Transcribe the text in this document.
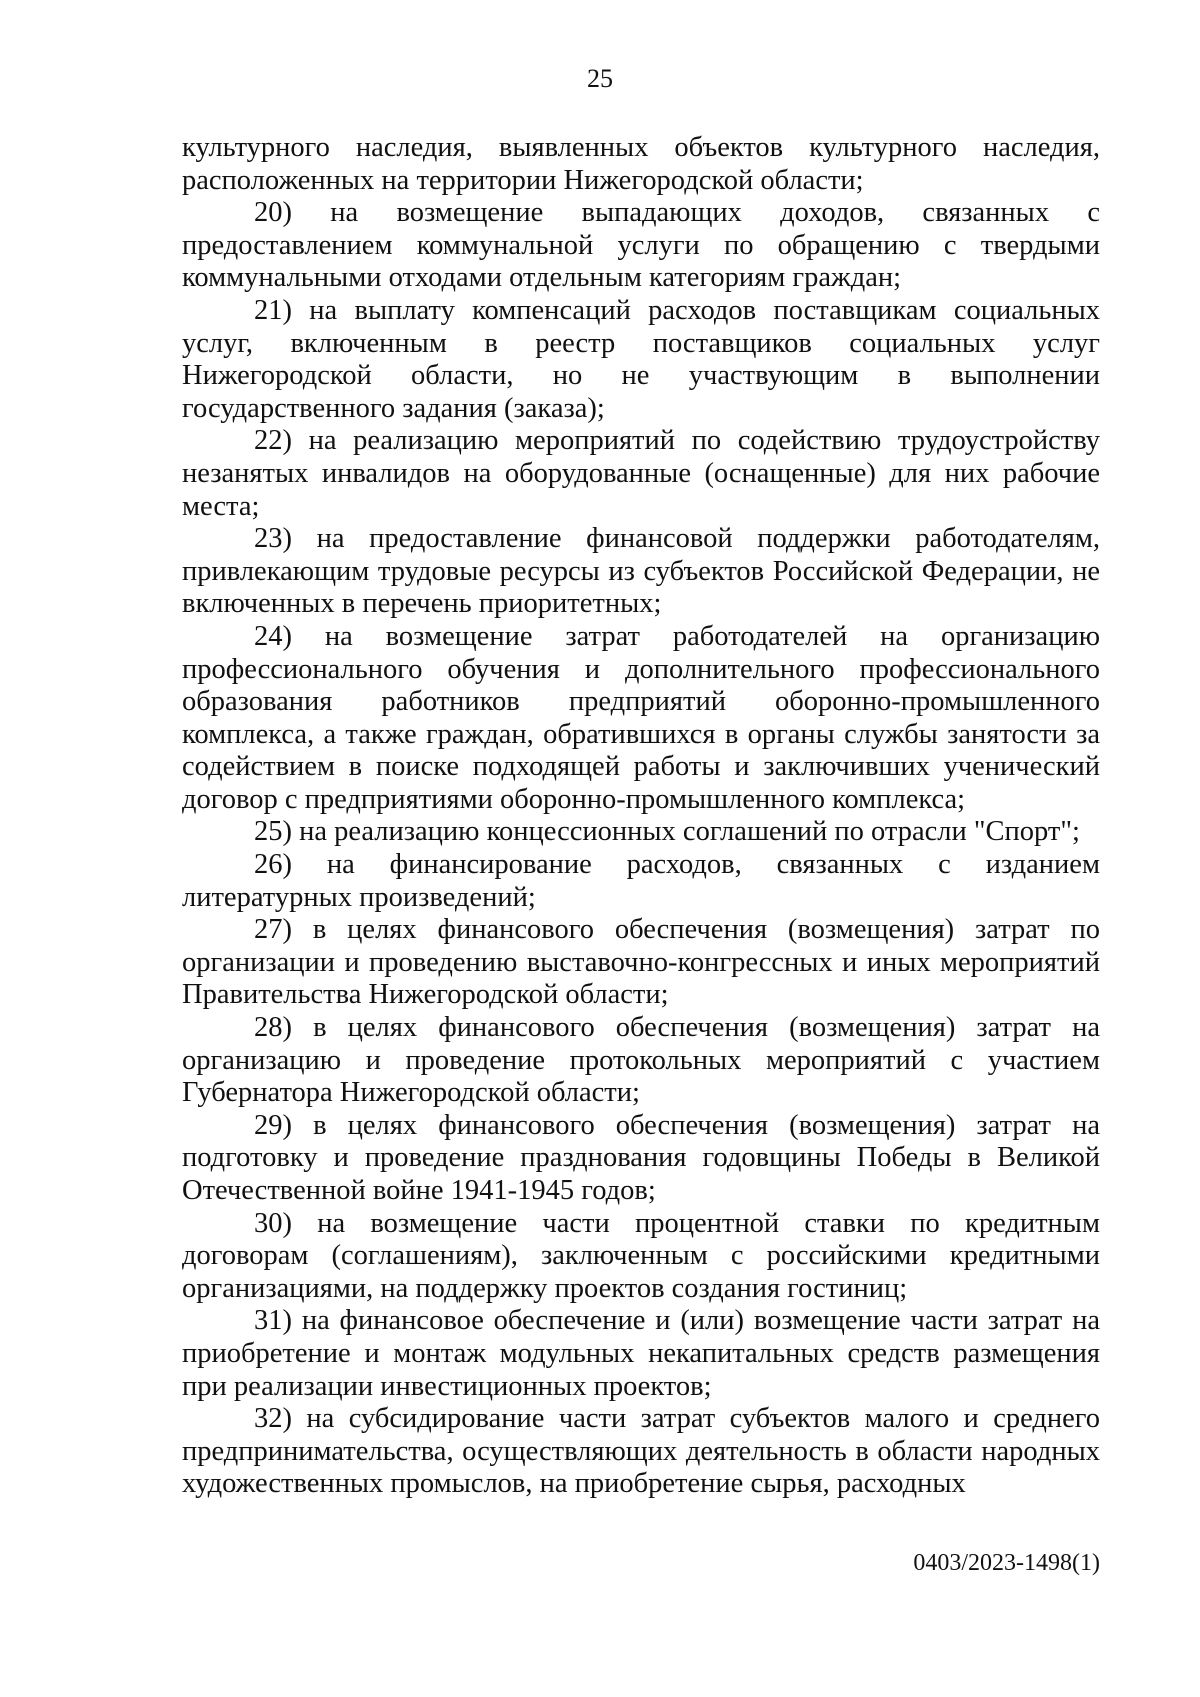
25

культурного наследия, выявленных объектов культурного наследия, расположенных на территории Нижегородской области;

20) на возмещение выпадающих доходов, связанных с предоставлением коммунальной услуги по обращению с твердыми коммунальными отходами отдельным категориям граждан;

21) на выплату компенсаций расходов поставщикам социальных услуг, включенным в реестр поставщиков социальных услуг Нижегородской области, но не участвующим в выполнении государственного задания (заказа);

22) на реализацию мероприятий по содействию трудоустройству незанятых инвалидов на оборудованные (оснащенные) для них рабочие места;

23) на предоставление финансовой поддержки работодателям, привлекающим трудовые ресурсы из субъектов Российской Федерации, не включенных в перечень приоритетных;

24) на возмещение затрат работодателей на организацию профессионального обучения и дополнительного профессионального образования работников предприятий оборонно-промышленного комплекса, а также граждан, обратившихся в органы службы занятости за содействием в поиске подходящей работы и заключивших ученический договор с предприятиями оборонно-промышленного комплекса;

25) на реализацию концессионных соглашений по отрасли "Спорт";

26) на финансирование расходов, связанных с изданием литературных произведений;

27) в целях финансового обеспечения (возмещения) затрат по организации и проведению выставочно-конгрессных и иных мероприятий Правительства Нижегородской области;

28) в целях финансового обеспечения (возмещения) затрат на организацию и проведение протокольных мероприятий с участием Губернатора Нижегородской области;

29) в целях финансового обеспечения (возмещения) затрат на подготовку и проведение празднования годовщины Победы в Великой Отечественной войне 1941-1945 годов;

30) на возмещение части процентной ставки по кредитным договорам (соглашениям), заключенным с российскими кредитными организациями, на поддержку проектов создания гостиниц;

31) на финансовое обеспечение и (или) возмещение части затрат на приобретение и монтаж модульных некапитальных средств размещения при реализации инвестиционных проектов;

32) на субсидирование части затрат субъектов малого и среднего предпринимательства, осуществляющих деятельность в области народных художественных промыслов, на приобретение сырья, расходных

0403/2023-1498(1)
